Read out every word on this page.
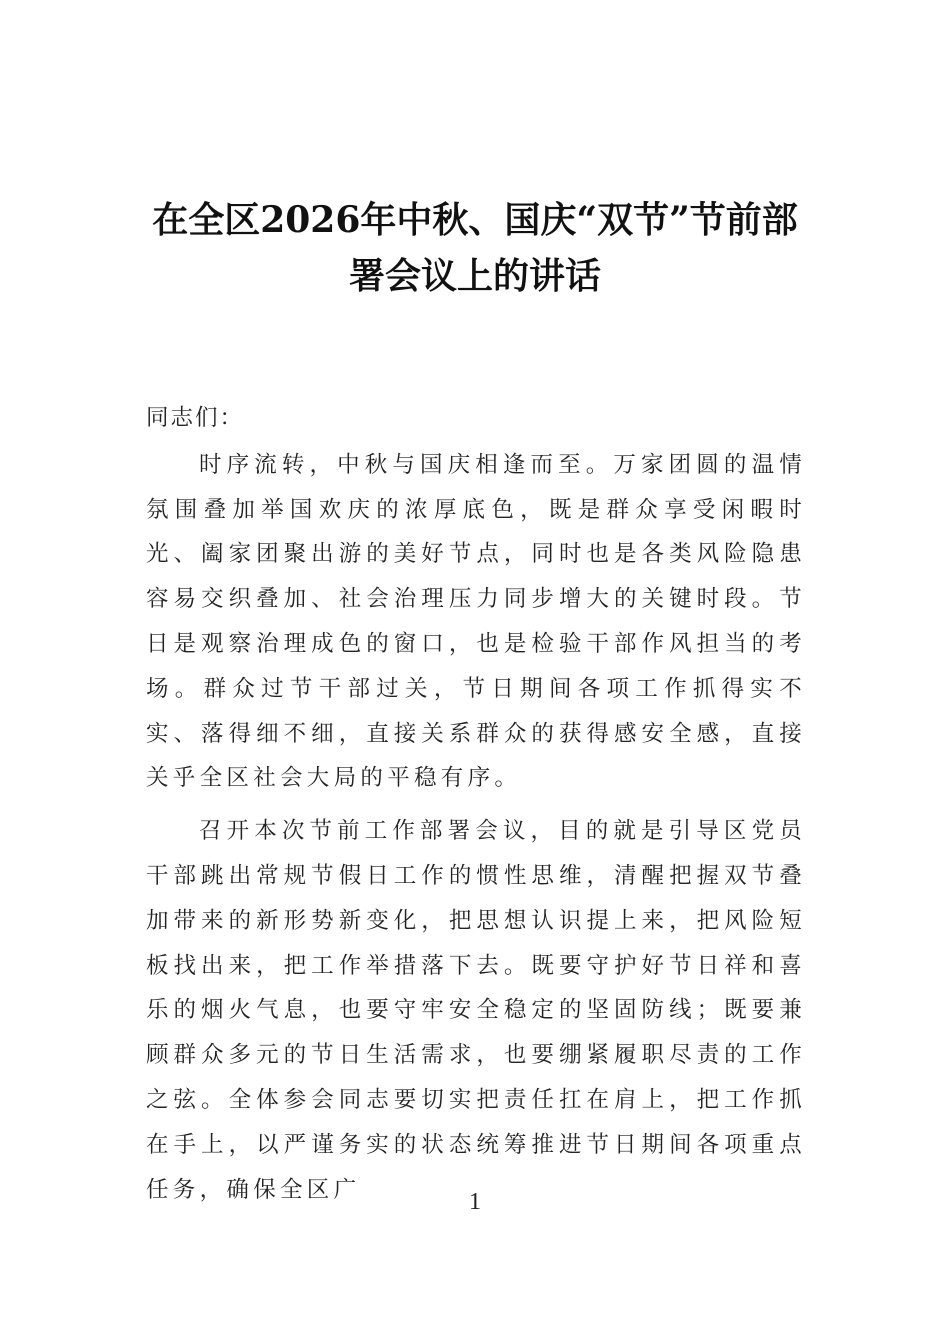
在全区2026年中秋、国庆“双节”节前部
署会议上的讲话

同志们：

时序流转，中秋与国庆相逢而至。万家团圆的温情氛围叠加举国欢庆的浓厚底色，既是群众享受闲暇时光、阖家团聚出游的美好节点，同时也是各类风险隐患容易交织叠加、社会治理压力同步增大的关键时段。节日是观察治理成色的窗口，也是检验干部作风担当的考场。群众过节干部过关，节日期间各项工作抓得实不实、落得细不细，直接关系群众的获得感安全感，直接关乎全区社会大局的平稳有序。

召开本次节前工作部署会议，目的就是引导区党员干部跳出常规节假日工作的惯性思维，清醒把握双节叠加带来的新形势新变化，把思想认识提上来，把风险短板找出来，把工作举措落下去。既要守护好节日祥和喜乐的烟火气息，也要守牢安全稳定的坚固防线；既要兼顾群众多元的节日生活需求，也要绷紧履职尽责的工作之弦。全体参会同志要切实把责任扛在肩上，把工作抓在手上，以严谨务实的状态统筹推进节日期间各项重点任务，确保全区广	1
